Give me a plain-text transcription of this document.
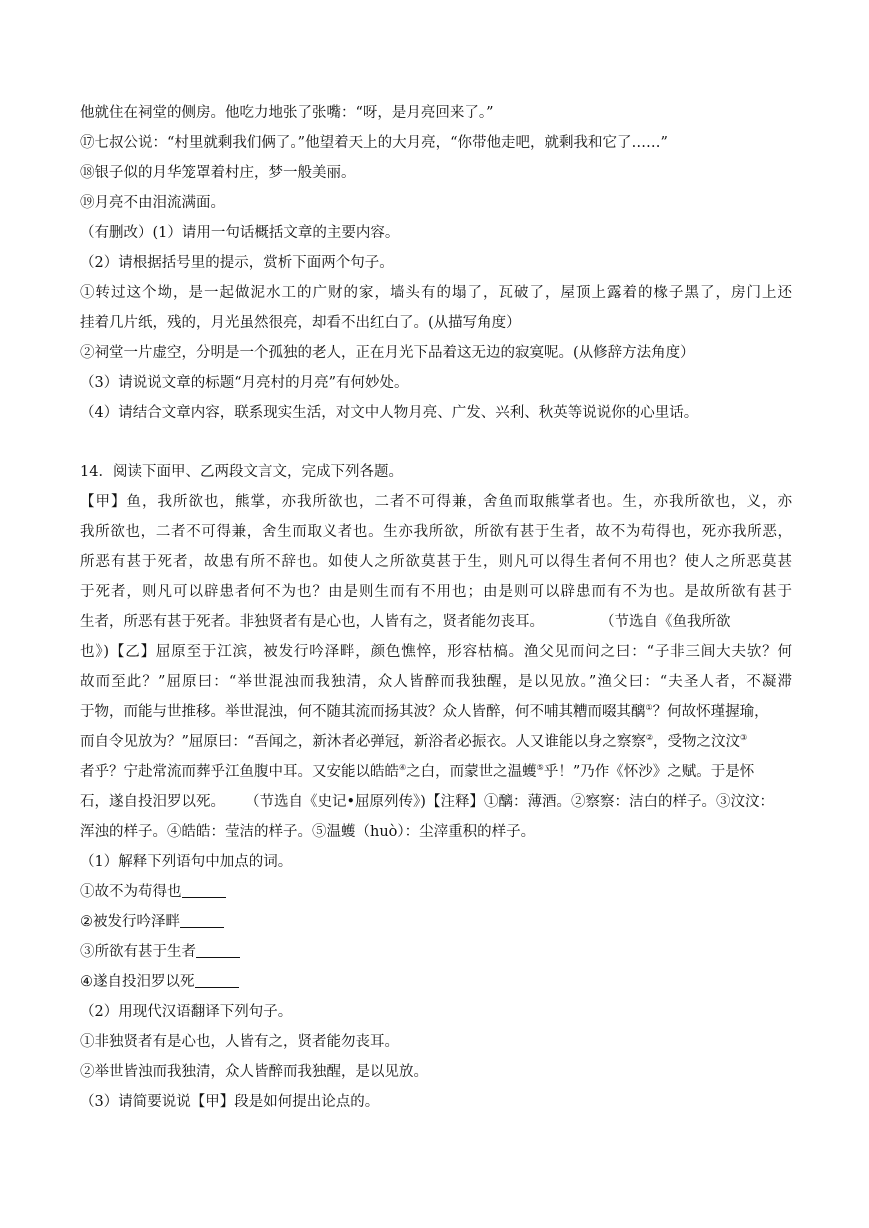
他就住在祠堂的侧房。他吃力地张了张嘴：“呀，是月亮回来了。”
⑰七叔公说：“村里就剩我们俩了。”他望着天上的大月亮，“你带他走吧，就剩我和它了……”
⑱银子似的月华笼罩着村庄，梦一般美丽。
⑲月亮不由泪流满面。
（有删改）(1）请用一句话概括文章的主要内容。
（2）请根据括号里的提示，赏析下面两个句子。
①转过这个坳，是一起做泥水工的广财的家，墙头有的塌了，瓦破了，屋顶上露着的椽子黑了，房门上还
挂着几片纸，残的，月光虽然很亮，却看不出红白了。(从描写角度）
②祠堂一片虚空，分明是一个孤独的老人，正在月光下品着这无边的寂寞呢。(从修辞方法角度）
（3）请说说文章的标题“月亮村的月亮”有何妙处。
（4）请结合文章内容，联系现实生活，对文中人物月亮、广发、兴利、秋英等说说你的心里话。
14．阅读下面甲、乙两段文言文，完成下列各题。
【甲】鱼，我所欲也，熊掌，亦我所欲也，二者不可得兼，舍鱼而取熊掌者也。生，亦我所欲也，义，亦
我所欲也，二者不可得兼，舍生而取义者也。生亦我所欲，所欲有甚于生者，故不为苟得也，死亦我所恶，
所恶有甚于死者，故患有所不辞也。如使人之所欲莫甚于生，则凡可以得生者何不用也？使人之所恶莫甚
于死者，则凡可以辟患者何不为也？由是则生而有不用也；由是则可以辟患而有不为也。是故所欲有甚于
生者，所恶有甚于死者。非独贤者有是心也，人皆有之，贤者能勿丧耳。	（节选自《鱼我所欲
也》)【乙】屈原至于江滨，被发行吟泽畔，颜色憔悴，形容枯槁。渔父见而问之曰：“子非三闾大夫欤？何
故而至此？”屈原曰：“举世混浊而我独清，众人皆醉而我独醒，是以见放。”渔父曰：“夫圣人者，不凝滞
于物，而能与世推移。举世混浊，何不随其流而扬其波？众人皆醉，何不哺其糟而啜其醨①？何故怀瑾握瑜，
而自令见放为？”屈原曰：“吾闻之，新沐者必弹冠，新浴者必振衣。人又谁能以身之察察②，受物之汶汶③
者乎？宁赴常流而葬乎江鱼腹中耳。又安能以皓皓④之白，而蒙世之温蠖⑤乎！”乃作《怀沙》之赋。于是怀
石，遂自投汨罗以死。 （节选自《史记•屈原列传》)【注释】①醨：薄酒。②察察：洁白的样子。③汶汶：
浑浊的样子。④皓皓：莹洁的样子。⑤温蠖（huò）：尘滓重积的样子。
（1）解释下列语句中加点的词。
①故不为苟得也
②被发行吟泽畔
③所欲有甚于生者
④遂自投汨罗以死
（2）用现代汉语翻译下列句子。
①非独贤者有是心也，人皆有之，贤者能勿丧耳。
②举世皆浊而我独清，众人皆醉而我独醒，是以见放。
（3）请简要说说【甲】段是如何提出论点的。
